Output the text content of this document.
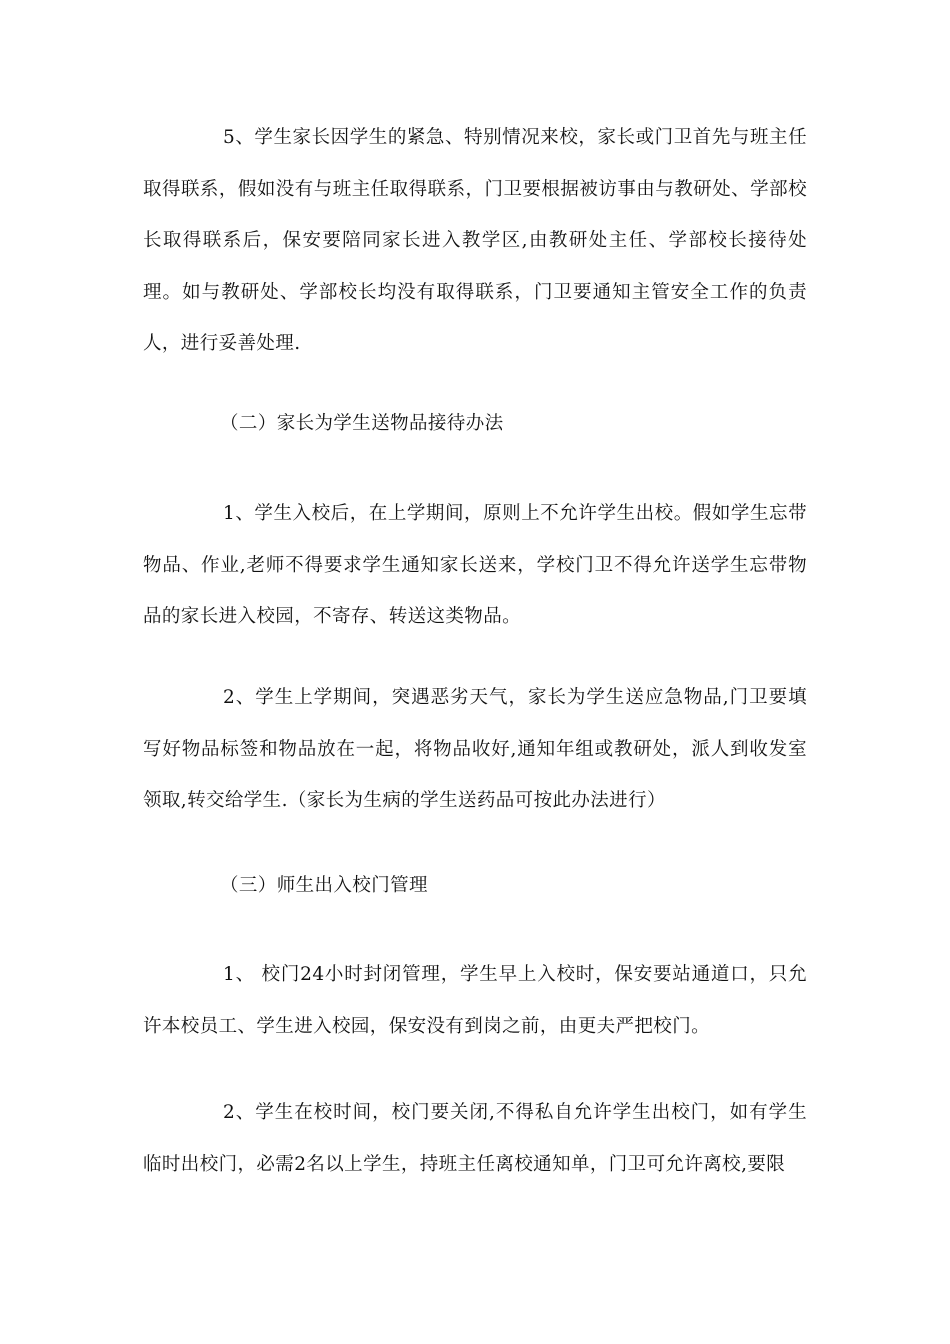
5、学生家长因学生的紧急、特别情况来校，家长或门卫首先与班主任取得联系，假如没有与班主任取得联系，门卫要根据被访事由与教研处、学部校长取得联系后，保安要陪同家长进入教学区,由教研处主任、学部校长接待处理。如与教研处、学部校长均没有取得联系，门卫要通知主管安全工作的负责人，进行妥善处理.

（二）家长为学生送物品接待办法

1、学生入校后，在上学期间，原则上不允许学生出校。假如学生忘带物品、作业,老师不得要求学生通知家长送来，学校门卫不得允许送学生忘带物品的家长进入校园，不寄存、转送这类物品。

2、学生上学期间，突遇恶劣天气，家长为学生送应急物品,门卫要填写好物品标签和物品放在一起，将物品收好,通知年组或教研处，派人到收发室领取,转交给学生.（家长为生病的学生送药品可按此办法进行）

（三）师生出入校门管理

1、 校门24小时封闭管理，学生早上入校时，保安要站通道口，只允许本校员工、学生进入校园，保安没有到岗之前，由更夫严把校门。

2、学生在校时间，校门要关闭,不得私自允许学生出校门，如有学生临时出校门，必需2名以上学生，持班主任离校通知单，门卫可允许离校,要限
